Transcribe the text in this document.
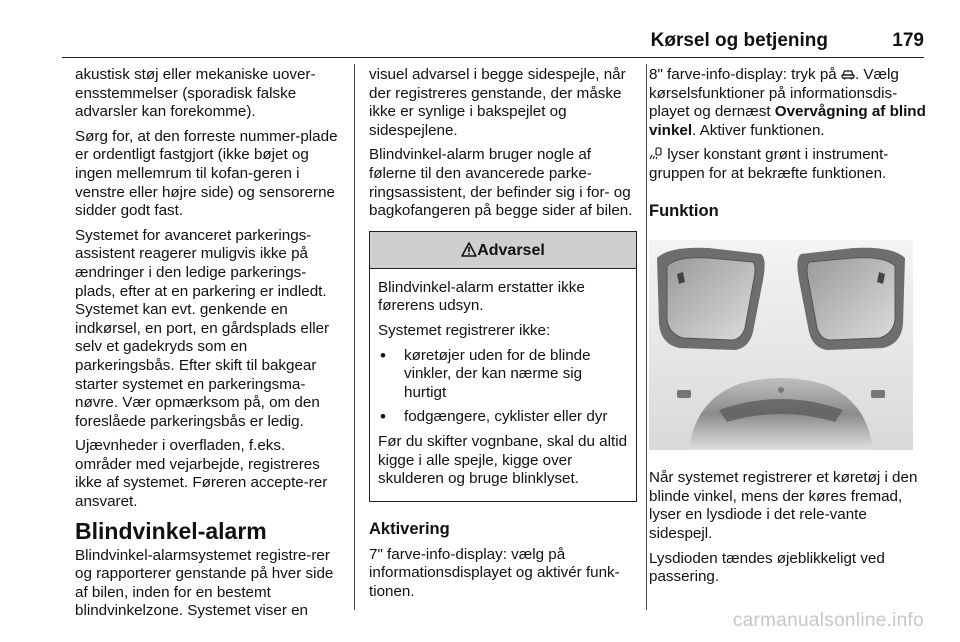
Kørsel og betjening	179

akustisk støj eller mekaniske uover-ensstemmelser (sporadisk falske advarsler kan forekomme).

Sørg for, at den forreste nummer-plade er ordentligt fastgjort (ikke bøjet og ingen mellemrum til kofan-geren i venstre eller højre side) og sensorerne sidder godt fast.

Systemet for avanceret parkerings-assistent reagerer muligvis ikke på ændringer i den ledige parkerings-plads, efter at en parkering er indledt. Systemet kan evt. genkende en indkørsel, en port, en gårdsplads eller selv et gadekryds som en parkeringsbås. Efter skift til bakgear starter systemet en parkeringsma-nøvre. Vær opmærksom på, om den foreslåede parkeringsbås er ledig.

Ujævnheder i overfladen, f.eks. områder med vejarbejde, registreres ikke af systemet. Føreren accepte-rer ansvaret.

Blindvinkel-alarm

Blindvinkel-alarmsystemet registre-rer og rapporterer genstande på hver side af bilen, inden for en bestemt blindvinkelzone. Systemet viser en

visuel advarsel i begge sidespejle, når der registreres genstande, der måske ikke er synlige i bakspejlet og sidespejlene.

Blindvinkel-alarm bruger nogle af følerne til den avancerede parke-ringsassistent, der befinder sig i for- og bagkofangeren på begge sider af bilen.

Advarsel

Blindvinkel-alarm erstatter ikke førerens udsyn.

Systemet registrerer ikke:

• køretøjer uden for de blinde vinkler, der kan nærme sig hurtigt
• fodgængere, cyklister eller dyr

Før du skifter vognbane, skal du altid kigge i alle spejle, kigge over skulderen og bruge blinklyset.

Aktivering

7" farve-info-display: vælg på informationsdisplayet og aktivér funk-tionen.

8" farve-info-display: tryk på . Vælg kørselsfunktioner på informationsdis-playet og dernæst Overvågning af blind vinkel. Aktiver funktionen.

lyser konstant grønt i instrument-gruppen for at bekræfte funktionen.

Funktion

Når systemet registrerer et køretøj i den blinde vinkel, mens der køres fremad, lyser en lysdiode i det rele-vante sidespejl.

Lysdioden tændes øjeblikkeligt ved passering.

carmanualsonline.info
